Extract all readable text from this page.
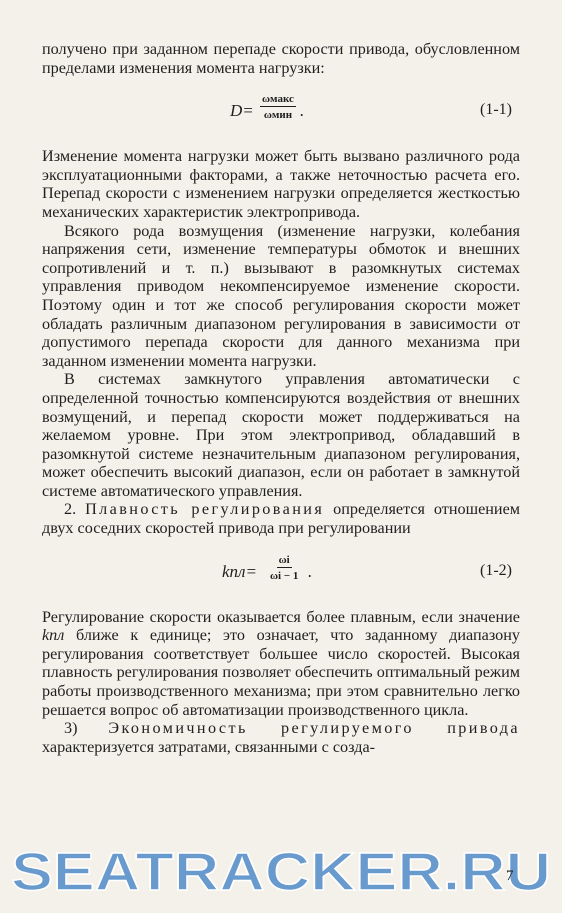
получено при заданном перепаде скорости привода, обусловленном пределами изменения момента нагрузки:

D=
ωмакс
ωмин .	(1-1)

Изменение момента нагрузки может быть вызвано различного рода эксплуатационными факторами, а также неточностью расчета его. Перепад скорости с изменением нагрузки определяется жесткостью механических характеристик электропривода.

Всякого рода возмущения (изменение нагрузки, колебания напряжения сети, изменение температуры обмоток и внешних сопротивлений и т. п.) вызывают в разомкнутых системах управления приводом некомпенсируемое изменение скорости. Поэтому один и тот же способ регулирования скорости может обладать различным диапазоном регулирования в зависимости от допустимого перепада скорости для данного механизма при заданном изменении момента нагрузки.

В системах замкнутого управления автоматически с определенной точностью компенсируются воздействия от внешних возмущений, и перепад скорости может поддерживаться на желаемом уровне. При этом электропривод, обладавший в разомкнутой системе незначительным диапазоном регулирования, может обеспечить высокий диапазон, если он работает в замкнутой системе автоматического управления.

2. Плавность регулирования определяется отношением двух соседних скоростей привода при регулировании

$kпл= \frac{\omega i}{\omega i - 1}$ .	(1-2)

Регулирование скорости оказывается более плавным, если значение kпл ближе к единице; это означает, что заданному диапазону регулирования соответствует большее число скоростей. Высокая плавность регулирования позволяет обеспечить оптимальный режим работы производственного механизма; при этом сравнительно легко решается вопрос об автоматизации производственного цикла.

3) Экономичность регулируемого привода характеризуется затратами, связанными с созда-

SEATRACKER.RU
7
